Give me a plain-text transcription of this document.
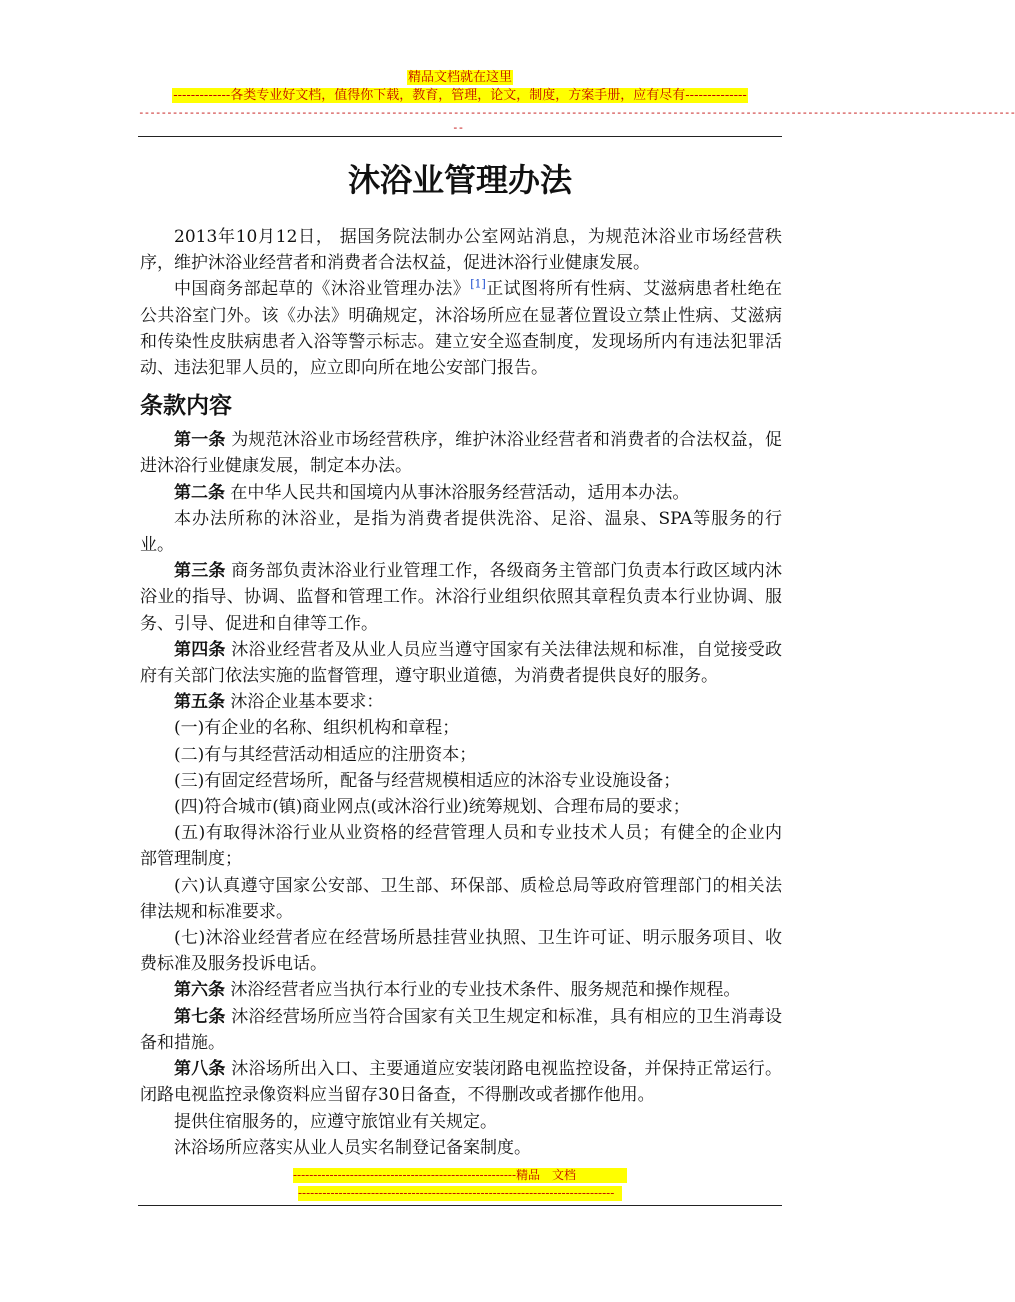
精品文档就在这里
-------------各类专业好文档，值得你下载，教育，管理，论文，制度，方案手册，应有尽有--------------
------------------------------------------------------------------------------------------------------------------------------------------------------------
--
沐浴业管理办法

2013年10月12日， 据国务院法制办公室网站消息，为规范沐浴业市场经营秩序，维护沐浴业经营者和消费者合法权益，促进沐浴行业健康发展。

中国商务部起草的《沐浴业管理办法》[1]正试图将所有性病、艾滋病患者杜绝在公共浴室门外。该《办法》明确规定，沐浴场所应在显著位置设立禁止性病、艾滋病和传染性皮肤病患者入浴等警示标志。建立安全巡查制度，发现场所内有违法犯罪活动、违法犯罪人员的，应立即向所在地公安部门报告。

条款内容

第一条 为规范沐浴业市场经营秩序，维护沐浴业经营者和消费者的合法权益，促进沐浴行业健康发展，制定本办法。

第二条 在中华人民共和国境内从事沐浴服务经营活动，适用本办法。

本办法所称的沐浴业，是指为消费者提供洗浴、足浴、温泉、SPA等服务的行业。

第三条 商务部负责沐浴业行业管理工作，各级商务主管部门负责本行政区域内沐浴业的指导、协调、监督和管理工作。沐浴行业组织依照其章程负责本行业协调、服务、引导、促进和自律等工作。

第四条 沐浴业经营者及从业人员应当遵守国家有关法律法规和标准，自觉接受政府有关部门依法实施的监督管理，遵守职业道德，为消费者提供良好的服务。

第五条 沐浴企业基本要求：

(一)有企业的名称、组织机构和章程；

(二)有与其经营活动相适应的注册资本；

(三)有固定经营场所，配备与经营规模相适应的沐浴专业设施设备；

(四)符合城市(镇)商业网点(或沐浴行业)统筹规划、合理布局的要求；

(五)有取得沐浴行业从业资格的经营管理人员和专业技术人员；有健全的企业内部管理制度；

(六)认真遵守国家公安部、卫生部、环保部、质检总局等政府管理部门的相关法律法规和标准要求。

(七)沐浴业经营者应在经营场所悬挂营业执照、卫生许可证、明示服务项目、收费标准及服务投诉电话。

第六条 沐浴经营者应当执行本行业的专业技术条件、服务规范和操作规程。

第七条 沐浴经营场所应当符合国家有关卫生规定和标准，具有相应的卫生消毒设备和措施。

第八条 沐浴场所出入口、主要通道应安装闭路电视监控设备，并保持正常运行。闭路电视监控录像资料应当留存30日备查，不得删改或者挪作他用。

提供住宿服务的，应遵守旅馆业有关规定。

沐浴场所应落实从业人员实名制登记备案制度。

-------------------------------------------------------精品　文档
------------------------------------------------------------------------------
